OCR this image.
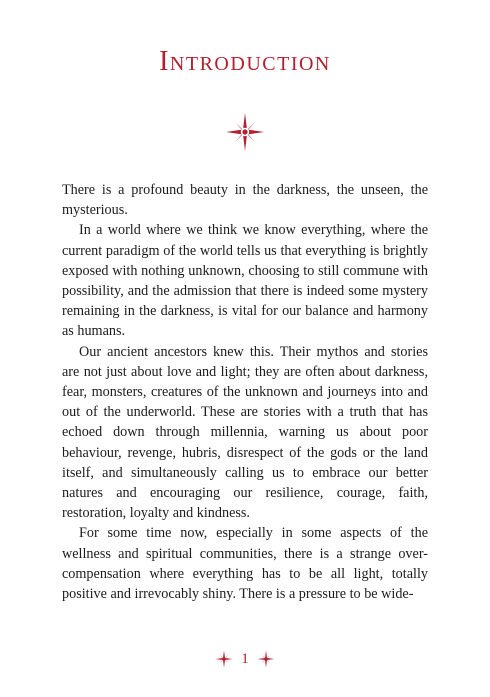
Introduction

There is a profound beauty in the darkness, the unseen, the mysterious.

In a world where we think we know everything, where the current paradigm of the world tells us that everything is brightly exposed with nothing unknown, choosing to still commune with possibility, and the admission that there is indeed some mystery remaining in the darkness, is vital for our balance and harmony as humans.

Our ancient ancestors knew this. Their mythos and stories are not just about love and light; they are often about darkness, fear, monsters, creatures of the unknown and journeys into and out of the underworld. These are stories with a truth that has echoed down through millennia, warning us about poor behaviour, revenge, hubris, disrespect of the gods or the land itself, and simultaneously calling us to embrace our better natures and encouraging our resilience, courage, faith, restoration, loyalty and kindness.

For some time now, especially in some aspects of the wellness and spiritual communities, there is a strange over-compensation where everything has to be all light, totally positive and irrevocably shiny. There is a pressure to be wide-

1
